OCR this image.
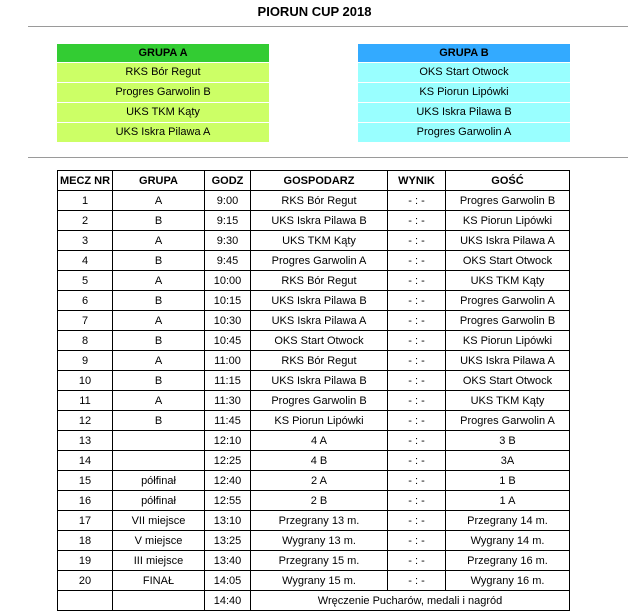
PIORUN CUP 2018
GRUPA A
RKS Bór Regut
Progres Garwolin B
UKS TKM Kąty
UKS Iskra Pilawa A
GRUPA B
OKS Start Otwock
KS Piorun Lipówki
UKS Iskra Pilawa B
Progres Garwolin A
MECZ NR	GRUPA	GODZ	GOSPODARZ	WYNIK	GOŚĆ
1	A	9:00	RKS Bór Regut	- : -	Progres Garwolin B
2	B	9:15	UKS Iskra Pilawa B	- : -	KS Piorun Lipówki
3	A	9:30	UKS TKM Kąty	- : -	UKS Iskra Pilawa A
4	B	9:45	Progres Garwolin A	- : -	OKS Start Otwock
5	A	10:00	RKS Bór Regut	- : -	UKS TKM Kąty
6	B	10:15	UKS Iskra Pilawa B	- : -	Progres Garwolin A
7	A	10:30	UKS Iskra Pilawa A	- : -	Progres Garwolin B
8	B	10:45	OKS Start Otwock	- : -	KS Piorun Lipówki
9	A	11:00	RKS Bór Regut	- : -	UKS Iskra Pilawa A
10	B	11:15	UKS Iskra Pilawa B	- : -	OKS Start Otwock
11	A	11:30	Progres Garwolin B	- : -	UKS TKM Kąty
12	B	11:45	KS Piorun Lipówki	- : -	Progres Garwolin A
13		12:10	4 A	- : -	3 B
14		12:25	4 B	- : -	3A
15	półfinał	12:40	2 A	- : -	1 B
16	półfinał	12:55	2 B	- : -	1 A
17	VII miejsce	13:10	Przegrany 13 m.	- : -	Przegrany 14 m.
18	V miejsce	13:25	Wygrany 13 m.	- : -	Wygrany 14 m.
19	III miejsce	13:40	Przegrany 15 m.	- : -	Przegrany 16 m.
20	FINAŁ	14:05	Wygrany 15 m.	- : -	Wygrany 16 m.
		14:40	Wręczenie Pucharów, medali i nagród		
